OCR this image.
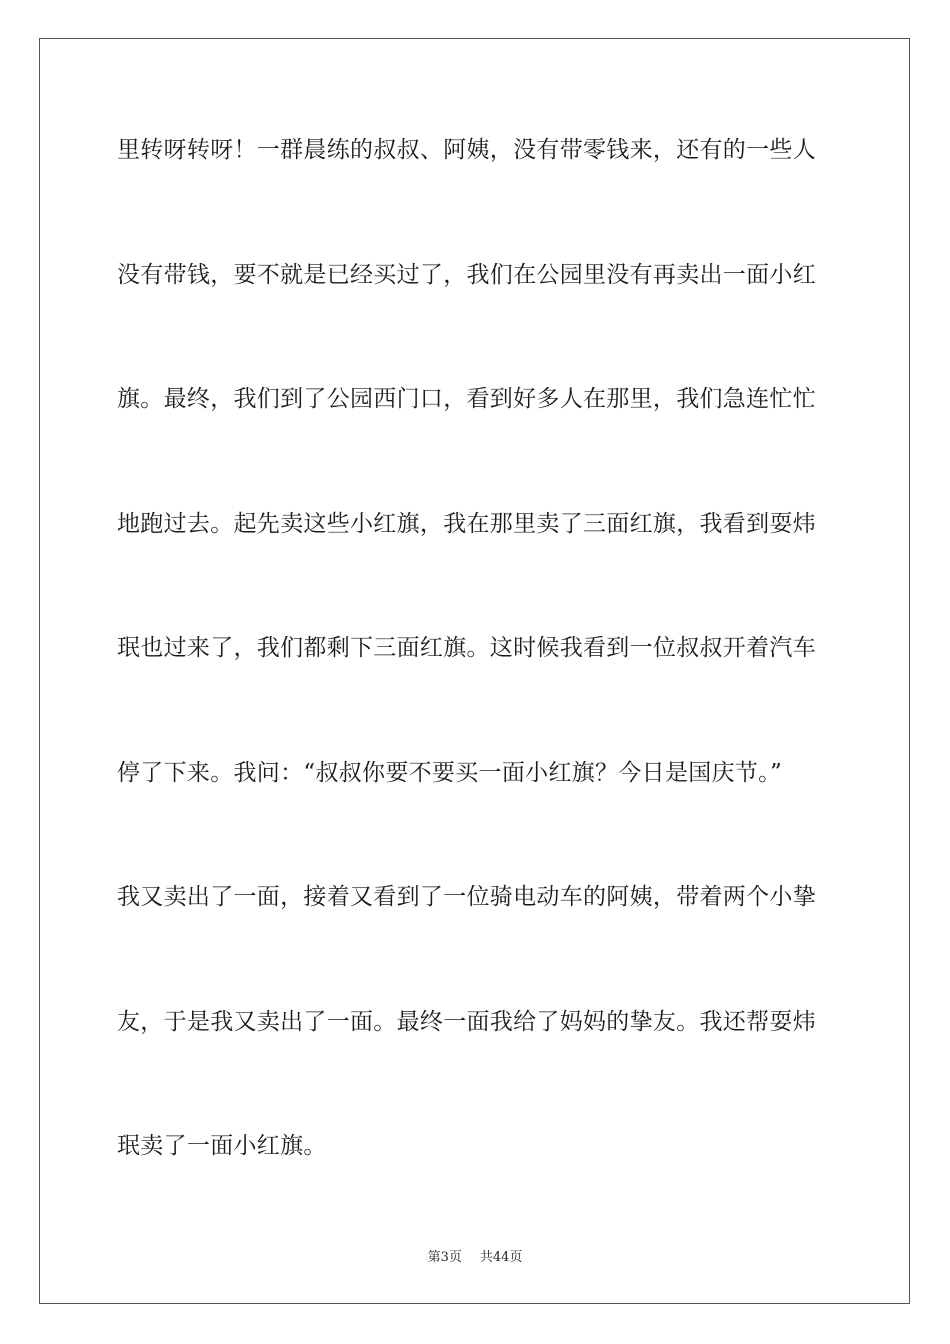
里转呀转呀！一群晨练的叔叔、阿姨，没有带零钱来，还有的一些人
没有带钱，要不就是已经买过了，我们在公园里没有再卖出一面小红
旗。最终，我们到了公园西门口，看到好多人在那里，我们急连忙忙
地跑过去。起先卖这些小红旗，我在那里卖了三面红旗，我看到耍炜
珉也过来了，我们都剩下三面红旗。这时候我看到一位叔叔开着汽车
停了下来。我问：“叔叔你要不要买一面小红旗？今日是国庆节。”
我又卖出了一面，接着又看到了一位骑电动车的阿姨，带着两个小挚
友，于是我又卖出了一面。最终一面我给了妈妈的挚友。我还帮耍炜
珉卖了一面小红旗。
第3页 共44页
